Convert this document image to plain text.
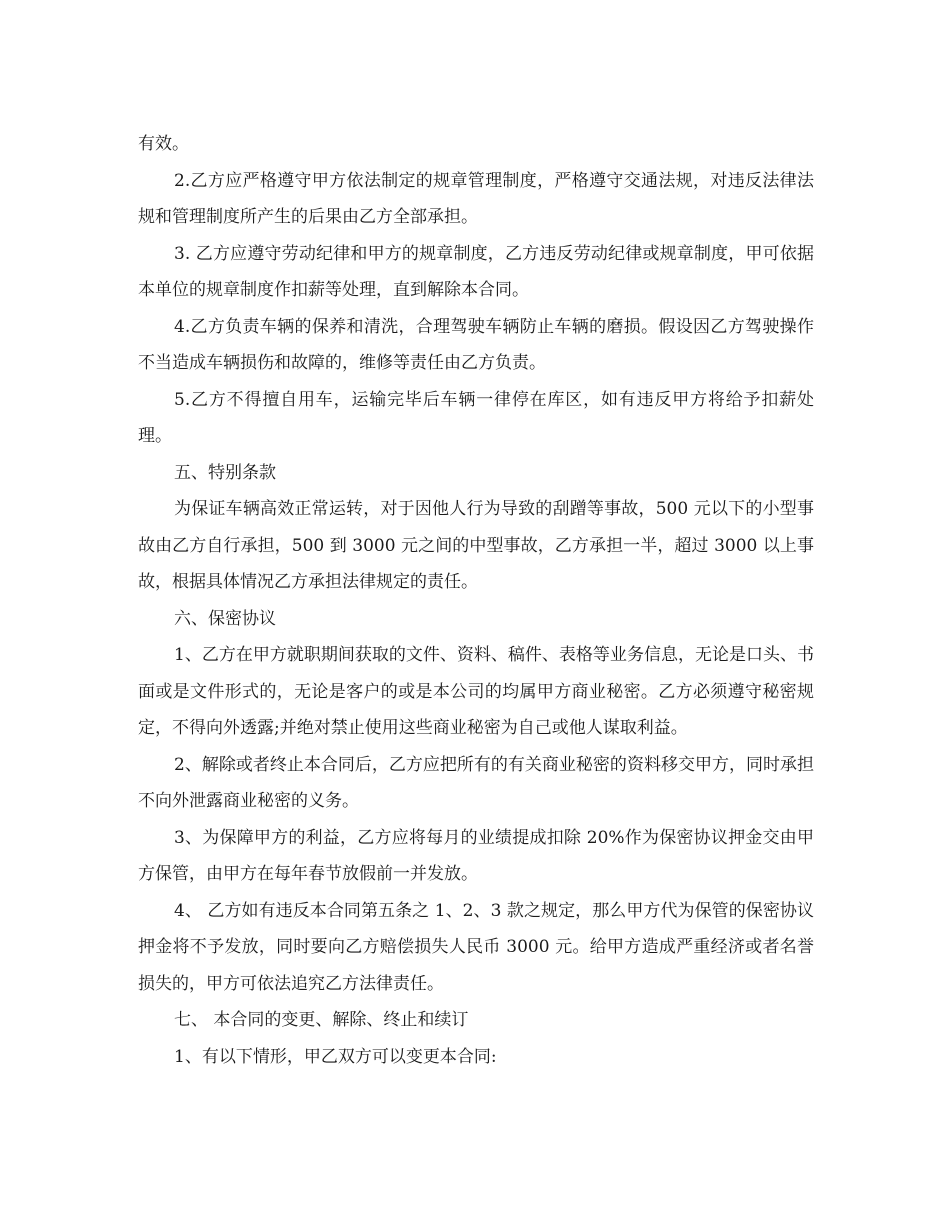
有效。

2.乙方应严格遵守甲方依法制定的规章管理制度，严格遵守交通法规，对违反法律法规和管理制度所产生的后果由乙方全部承担。

3. 乙方应遵守劳动纪律和甲方的规章制度，乙方违反劳动纪律或规章制度，甲可依据本单位的规章制度作扣薪等处理，直到解除本合同。

4.乙方负责车辆的保养和清洗，合理驾驶车辆防止车辆的磨损。假设因乙方驾驶操作不当造成车辆损伤和故障的，维修等责任由乙方负责。

5.乙方不得擅自用车，运输完毕后车辆一律停在库区，如有违反甲方将给予扣薪处理。

五、特别条款

为保证车辆高效正常运转，对于因他人行为导致的刮蹭等事故，500 元以下的小型事故由乙方自行承担，500 到 3000 元之间的中型事故，乙方承担一半，超过 3000 以上事故，根据具体情况乙方承担法律规定的责任。

六、保密协议

1、乙方在甲方就职期间获取的文件、资料、稿件、表格等业务信息，无论是口头、书面或是文件形式的，无论是客户的或是本公司的均属甲方商业秘密。乙方必须遵守秘密规定，不得向外透露;并绝对禁止使用这些商业秘密为自己或他人谋取利益。

2、解除或者终止本合同后，乙方应把所有的有关商业秘密的资料移交甲方，同时承担不向外泄露商业秘密的义务。

3、为保障甲方的利益，乙方应将每月的业绩提成扣除 20%作为保密协议押金交由甲方保管，由甲方在每年春节放假前一并发放。

4、 乙方如有违反本合同第五条之 1、2、3 款之规定，那么甲方代为保管的保密协议押金将不予发放，同时要向乙方赔偿损失人民币 3000 元。给甲方造成严重经济或者名誉损失的，甲方可依法追究乙方法律责任。

七、 本合同的变更、解除、终止和续订

1、有以下情形，甲乙双方可以变更本合同:
